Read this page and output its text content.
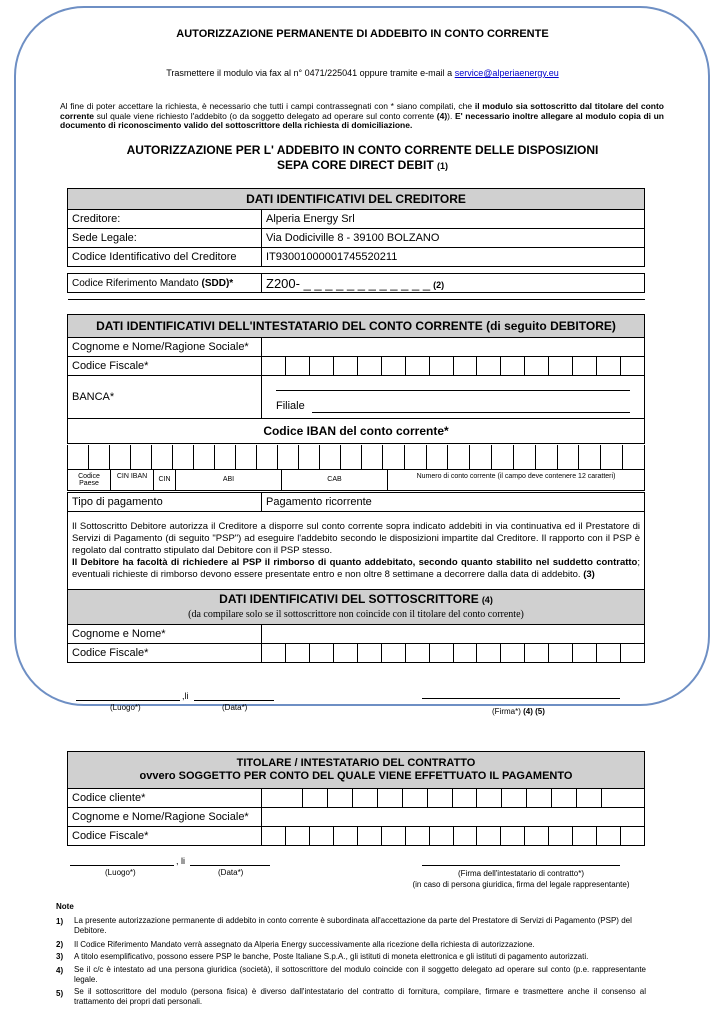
AUTORIZZAZIONE PERMANENTE DI ADDEBITO IN CONTO CORRENTE
Trasmettere il modulo via fax al n° 0471/225041 oppure tramite e-mail a service@alperiaenergy.eu
Al fine di poter accettare la richiesta, è necessario che tutti i campi contrassegnati con * siano compilati, che il modulo sia sottoscritto dal titolare del conto corrente sul quale viene richiesto l'addebito (o da soggetto delegato ad operare sul conto corrente (4)). E' necessario inoltre allegare al modulo copia di un documento di riconoscimento valido del sottoscrittore della richiesta di domiciliazione.
AUTORIZZAZIONE PER L' ADDEBITO IN CONTO CORRENTE DELLE DISPOSIZIONI
SEPA CORE DIRECT DEBIT (1)
DATI IDENTIFICATIVI DEL CREDITORE	
Creditore:	Alperia Energy Srl
Sede Legale:	Via Dodiciville 8 - 39100 BOLZANO
Codice Identificativo del Creditore	IT93001000001745520211

Codice Riferimento Mandato (SDD)*	Z200- _ _ _ _ _ _ _ _ _ _ _ _ (2)

DATI IDENTIFICATIVI DELL'INTESTATARIO DEL CONTO CORRENTE (di seguito DEBITORE)	
Cognome e Nome/Ragione Sociale*	
Codice Fiscale*	

BANCA*	Filiale

Codice IBAN del conto corrente*	
Codice Paese
CIN IBAN	CIN	ABI	CAB	Numero di conto corrente (il campo deve contenere 12 caratteri)
Tipo di pagamento	Pagamento ricorrente
Il Sottoscritto Debitore autorizza il Creditore a disporre sul conto corrente sopra indicato addebiti in via continuativa ed il Prestatore di Servizi di Pagamento (di seguito "PSP") ad eseguire l'addebito secondo le disposizioni impartite dal Creditore. Il rapporto con il PSP è regolato dal contratto stipulato dal Debitore con il PSP stesso.
Il Debitore ha facoltà di richiedere al PSP il rimborso di quanto addebitato, secondo quanto stabilito nel suddetto contratto; eventuali richieste di rimborso devono essere presentate entro e non oltre 8 settimane a decorrere dalla data di addebito. (3)
DATI IDENTIFICATIVI DEL SOTTOSCRITTORE (4)
(da compilare solo se il sottoscrittore non coincide con il titolare del conto corrente)	
Cognome e Nome*	
Codice Fiscale*	
,li
(Luogo*)	(Data*)	(Firma*) (4) (5)
TITOLARE / INTESTATARIO DEL CONTRATTO
ovvero SOGGETTO PER CONTO DEL QUALE VIENE EFFETTUATO IL PAGAMENTO	

Codice cliente*	

Cognome e Nome/Ragione Sociale*	
Codice Fiscale*	
, li
(Luogo*)	(Data*)	(Firma dell'intestatario di contratto*)
(in caso di persona giuridica, firma del legale rappresentante)
Note
1) La presente autorizzazione permanente di addebito in conto corrente è subordinata all'accettazione da parte del Prestatore di Servizi di Pagamento (PSP) del Debitore.
2) Il Codice Riferimento Mandato verrà assegnato da Alperia Energy successivamente alla ricezione della richiesta di autorizzazione.
3) A titolo esemplificativo, possono essere PSP le banche, Poste Italiane S.p.A., gli istituti di moneta elettronica e gli istituti di pagamento autorizzati.
4) Se il c/c è intestato ad una persona giuridica (società), il sottoscrittore del modulo coincide con il soggetto delegato ad operare sul conto (p.e. rappresentante legale.
5) Se il sottoscrittore del modulo (persona fisica) è diverso dall'intestatario del contratto di fornitura, compilare, firmare e trasmettere anche il consenso al trattamento dei propri dati personali.
